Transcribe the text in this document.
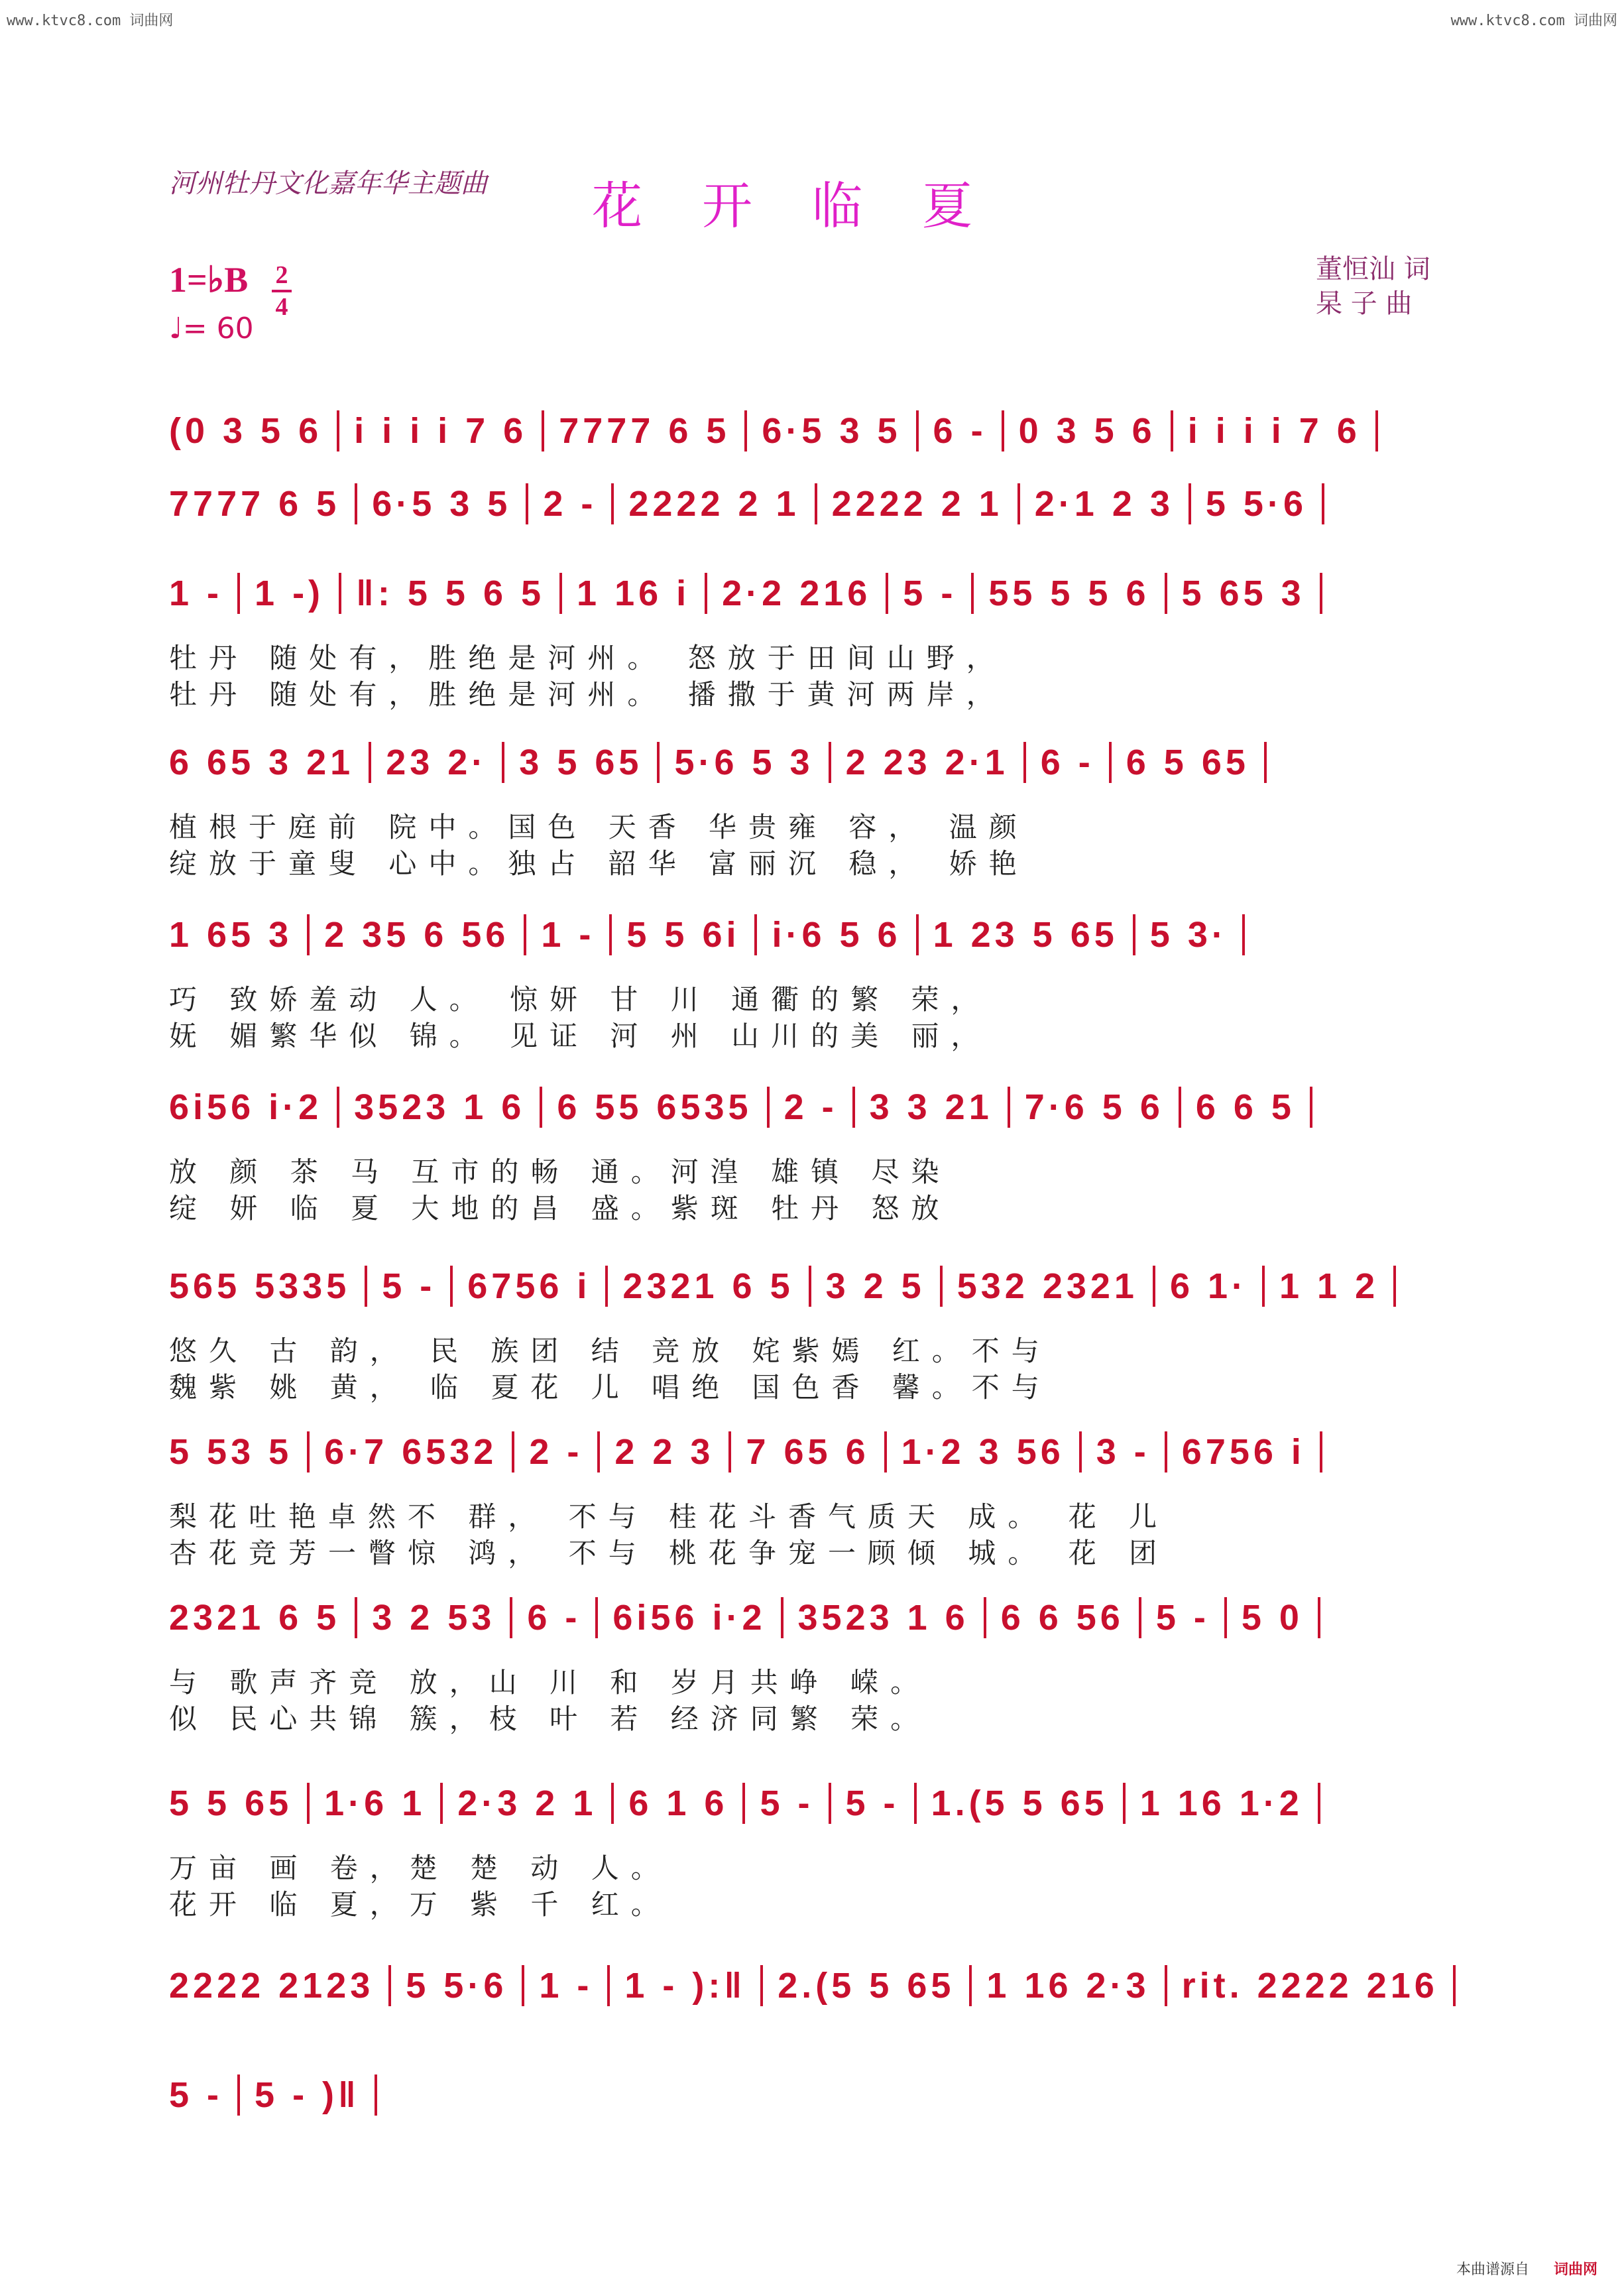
www.ktvc8.com 词曲网	www.ktvc8.com 词曲网
河州牡丹文化嘉年华主题曲	花开临夏
董恒汕 词
杲 子 曲
1=♭B 2
4
♩= 60
(0 3 5 6 i i i i 7 6 7777 6 5 6·5 3 5 6 - 0 3 5 6 i i i i 7 6
7777 6 5 6·5 3 5 2 - 2222 2 1 2222 2 1 2·1 2 3 5 5·6
1 - 1 -) ‖: 5 5 6 5 1 16 i 2·2 216 5 - 55 5 5 6 5 65 3
牡丹 随处有，胜绝是河州。 怒放于田间山野，
牡丹 随处有，胜绝是河州。 播撒于黄河两岸，
6 65 3 21 23 2· 3 5 65 5·6 5 3 2 23 2·1 6 - 6 5 65
植根于庭前 院中。国色 天香 华贵雍 容， 温颜
绽放于童叟 心中。独占 韶华 富丽沉 稳， 娇艳
1 65 3 2 35 6 56 1 - 5 5 6i i·6 5 6 1 23 5 65 5 3·
巧 致娇羞动 人。 惊妍 甘 川 通衢的繁 荣，
妩 媚繁华似 锦。 见证 河 州 山川的美 丽，
6i56 i·2 3523 1 6 6 55 6535 2 - 3 3 21 7·6 5 6 6 6 5
放 颜 茶 马 互市的畅 通。河湟 雄镇 尽染
绽 妍 临 夏 大地的昌 盛。紫斑 牡丹 怒放
565 5335 5 - 6756 i 2321 6 5 3 2 5 532 2321 6 1· 1 1 2
悠久 古 韵， 民 族团 结 竞放 姹紫嫣 红。不与
魏紫 姚 黄， 临 夏花 儿 唱绝 国色香 馨。不与
5 53 5 6·7 6532 2 - 2 2 3 7 65 6 1·2 3 56 3 - 6756 i
梨花吐艳卓然不 群， 不与 桂花斗香气质天 成。 花 儿
杏花竞芳一瞥惊 鸿， 不与 桃花争宠一顾倾 城。 花 团
2321 6 5 3 2 53 6 - 6i56 i·2 3523 1 6 6 6 56 5 - 5 0
与 歌声齐竞 放，山 川 和 岁月共峥 嵘。
似 民心共锦 簇，枝 叶 若 经济同繁 荣。
5 5 65 1·6 1 2·3 2 1 6 1 6 5 - 5 - 1.(5 5 65 1 16 1·2
万亩 画 卷，楚 楚 动 人。
花开 临 夏，万 紫 千 红。
2222 2123 5 5·6 1 - 1 - ):‖ 2.(5 5 65 1 16 2·3 rit. 2222 216
5 - 5 - )‖
本曲谱源自 词曲网
